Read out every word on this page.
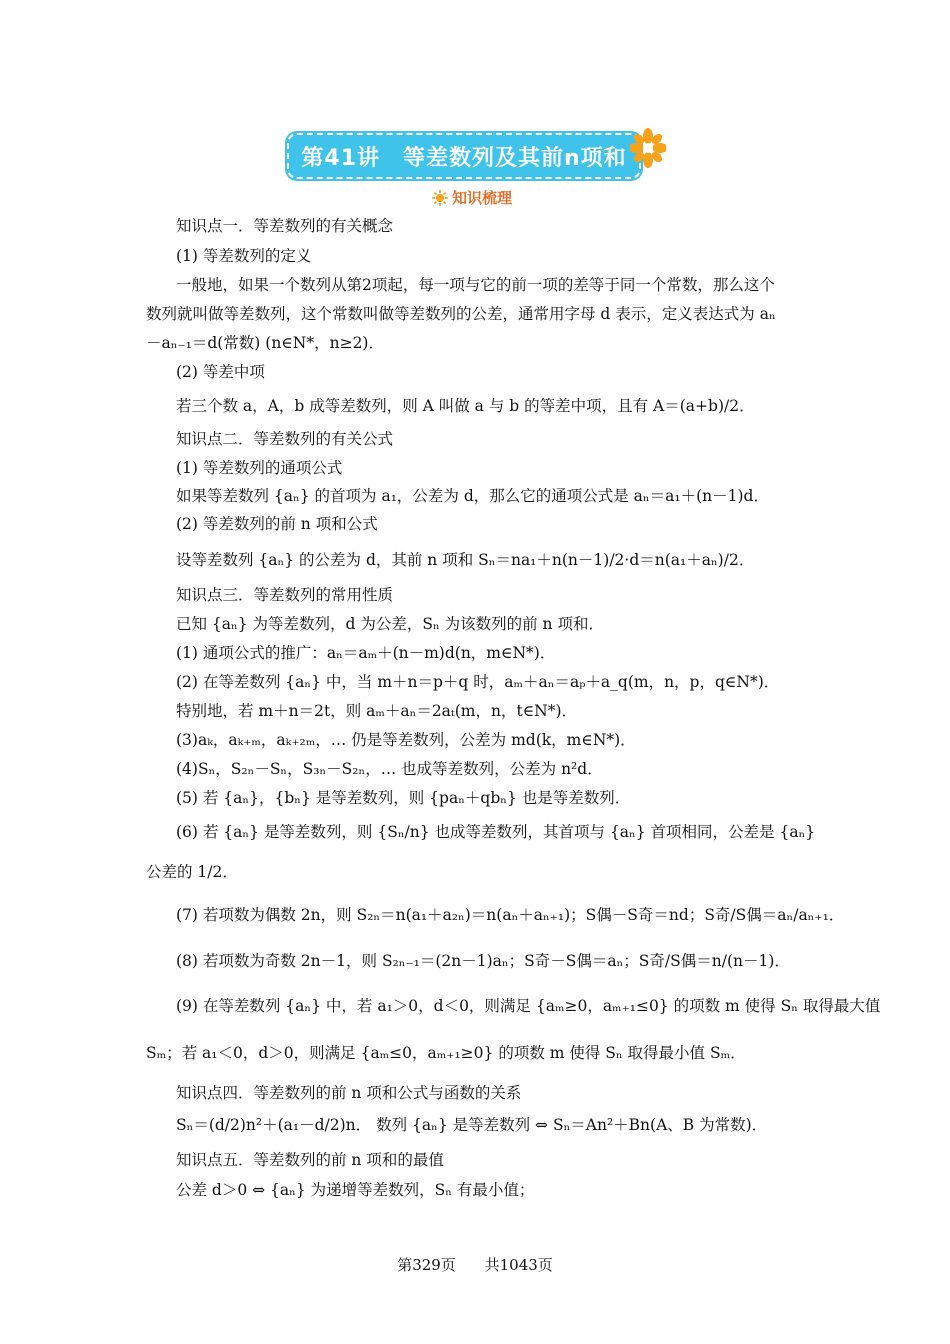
第41讲　等差数列及其前n项和
知识梳理
知识点一．等差数列的有关概念
(1) 等差数列的定义
一般地，如果一个数列从第2项起，每一项与它的前一项的差等于同一个常数，那么这个
数列就叫做等差数列，这个常数叫做等差数列的公差，通常用字母 d 表示，定义表达式为 aₙ
－aₙ₋₁＝d(常数) (n∈N*，n≥2)．
(2) 等差中项
若三个数 a，A，b 成等差数列，则 A 叫做 a 与 b 的等差中项，且有 A＝(a+b)/2．
知识点二．等差数列的有关公式
(1) 等差数列的通项公式
如果等差数列 {aₙ} 的首项为 a₁，公差为 d，那么它的通项公式是 aₙ＝a₁＋(n－1)d．
(2) 等差数列的前 n 项和公式
设等差数列 {aₙ} 的公差为 d，其前 n 项和 Sₙ＝na₁＋n(n－1)/2·d＝n(a₁＋aₙ)/2．
知识点三．等差数列的常用性质
已知 {aₙ} 为等差数列，d 为公差，Sₙ 为该数列的前 n 项和．
(1) 通项公式的推广：aₙ＝aₘ＋(n－m)d(n，m∈N*)．
(2) 在等差数列 {aₙ} 中，当 m＋n＝p＋q 时，aₘ＋aₙ＝aₚ＋a_q(m，n，p，q∈N*)．
特别地，若 m＋n＝2t，则 aₘ＋aₙ＝2aₜ(m，n，t∈N*)．
(3)aₖ，aₖ₊ₘ，aₖ₊₂ₘ，… 仍是等差数列，公差为 md(k，m∈N*)．
(4)Sₙ，S₂ₙ－Sₙ，S₃ₙ－S₂ₙ，… 也成等差数列，公差为 n²d．
(5) 若 {aₙ}，{bₙ} 是等差数列，则 {paₙ＋qbₙ} 也是等差数列．
(6) 若 {aₙ} 是等差数列，则 {Sₙ/n} 也成等差数列，其首项与 {aₙ} 首项相同，公差是 {aₙ}
公差的 1/2．
(7) 若项数为偶数 2n，则 S₂ₙ＝n(a₁＋a₂ₙ)＝n(aₙ＋aₙ₊₁)；S偶－S奇＝nd；S奇/S偶＝aₙ/aₙ₊₁．
(8) 若项数为奇数 2n－1，则 S₂ₙ₋₁＝(2n－1)aₙ；S奇－S偶＝aₙ；S奇/S偶＝n/(n－1)．
(9) 在等差数列 {aₙ} 中，若 a₁＞0，d＜0，则满足 {aₘ≥0，aₘ₊₁≤0} 的项数 m 使得 Sₙ 取得最大值
Sₘ；若 a₁＜0，d＞0，则满足 {aₘ≤0，aₘ₊₁≥0} 的项数 m 使得 Sₙ 取得最小值 Sₘ．
知识点四．等差数列的前 n 项和公式与函数的关系
Sₙ＝(d/2)n²＋(a₁－d/2)n． 数列 {aₙ} 是等差数列 ⇔ Sₙ＝An²＋Bn(A、B 为常数)．
知识点五．等差数列的前 n 项和的最值
公差 d＞0 ⇔ {aₙ} 为递增等差数列，Sₙ 有最小值；
第329页 共1043页
